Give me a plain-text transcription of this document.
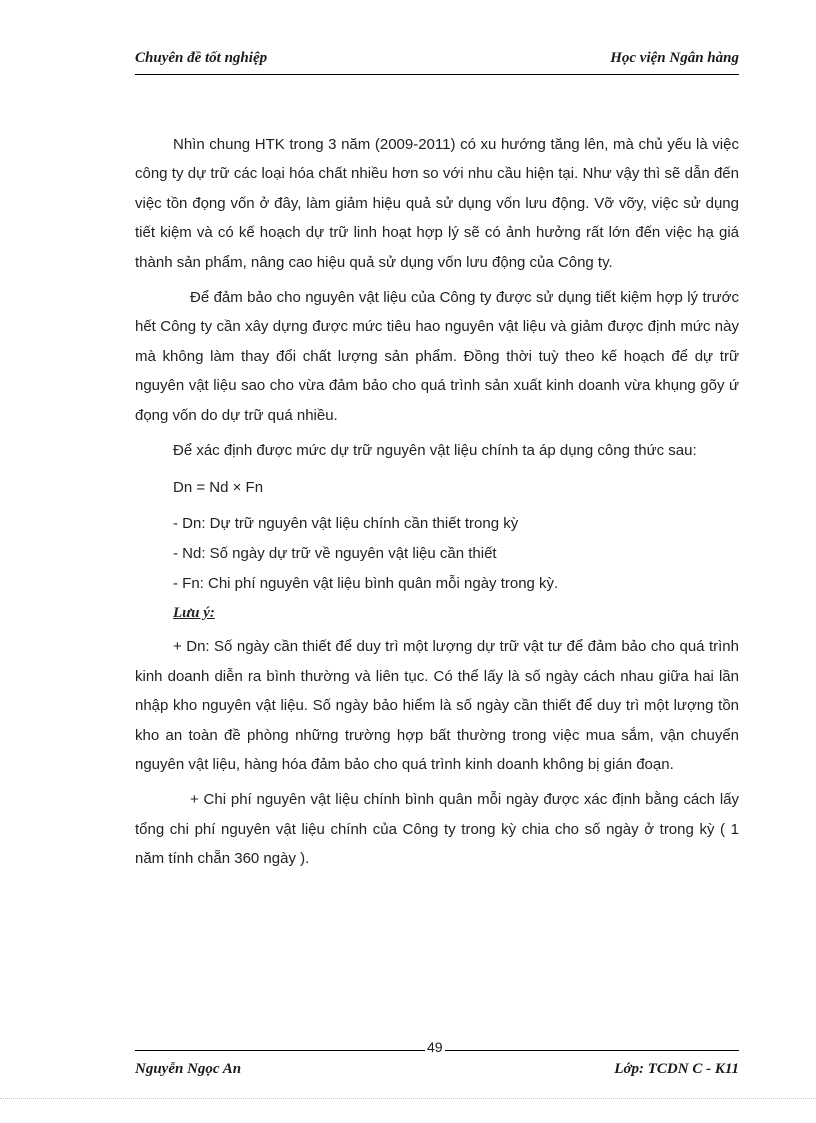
Chuyên đề tốt nghiệp	Học viện Ngân hàng

Nhìn chung HTK trong 3 năm (2009-2011) có xu hướng tăng lên, mà chủ yếu là việc công ty dự trữ các loại hóa chất nhiều hơn so với nhu cầu hiện tại. Như vậy thì sẽ dẫn đến việc tồn đọng vốn ở đây, làm giảm hiệu quả sử dụng vốn lưu động. Vỡ vỡy, việc sử dụng tiết kiệm và có kế hoạch dự trữ linh hoạt hợp lý sẽ có ảnh hưởng rất lớn đến việc hạ giá thành sản phẩm, nâng cao hiệu quả sử dụng vốn lưu động của Công ty.

Để đảm bảo cho nguyên vật liệu của Công ty được sử dụng tiết kiệm hợp lý trước hết Công ty cần xây dựng được mức tiêu hao nguyên vật liệu và giảm được định mức này mà không làm thay đổi chất lượng sản phẩm. Đồng thời tuỳ theo kế hoạch để dự trữ nguyên vật liệu sao cho vừa đảm bảo cho quá trình sản xuất kinh doanh vừa khụng gõy ứ đọng vốn do dự trữ quá nhiều.

Để xác định được mức dự trữ nguyên vật liệu chính ta áp dụng công thức sau:

Dn = Nd × Fn

- Dn: Dự trữ nguyên vật liệu chính cần thiết trong kỳ

- Nd: Số ngày dự trữ về nguyên vật liệu cần thiết

- Fn: Chi phí nguyên vật liệu bình quân mỗi ngày trong kỳ.

Lưu ý:

+ Dn: Số ngày cần thiết để duy trì một lượng dự trữ vật tư để đảm bảo cho quá trình kinh doanh diễn ra bình thường và liên tục. Có thể lấy là số ngày cách nhau giữa hai lần nhập kho nguyên vật liệu. Số ngày bảo hiểm là số ngày cần thiết để duy trì một lượng tồn kho an toàn đề phòng những trường hợp bất thường trong việc mua sắm, vận chuyển nguyên vật liệu, hàng hóa đảm bảo cho quá trình kinh doanh không bị gián đoạn.

+ Chi phí nguyên vật liệu chính bình quân mỗi ngày được xác định bằng cách lấy tổng chi phí nguyên vật liệu chính của Công ty trong kỳ chia cho số ngày ở trong kỳ ( 1 năm tính chẵn 360 ngày ).

Nguyễn Ngọc An
49
Lớp: TCDN C - K11
